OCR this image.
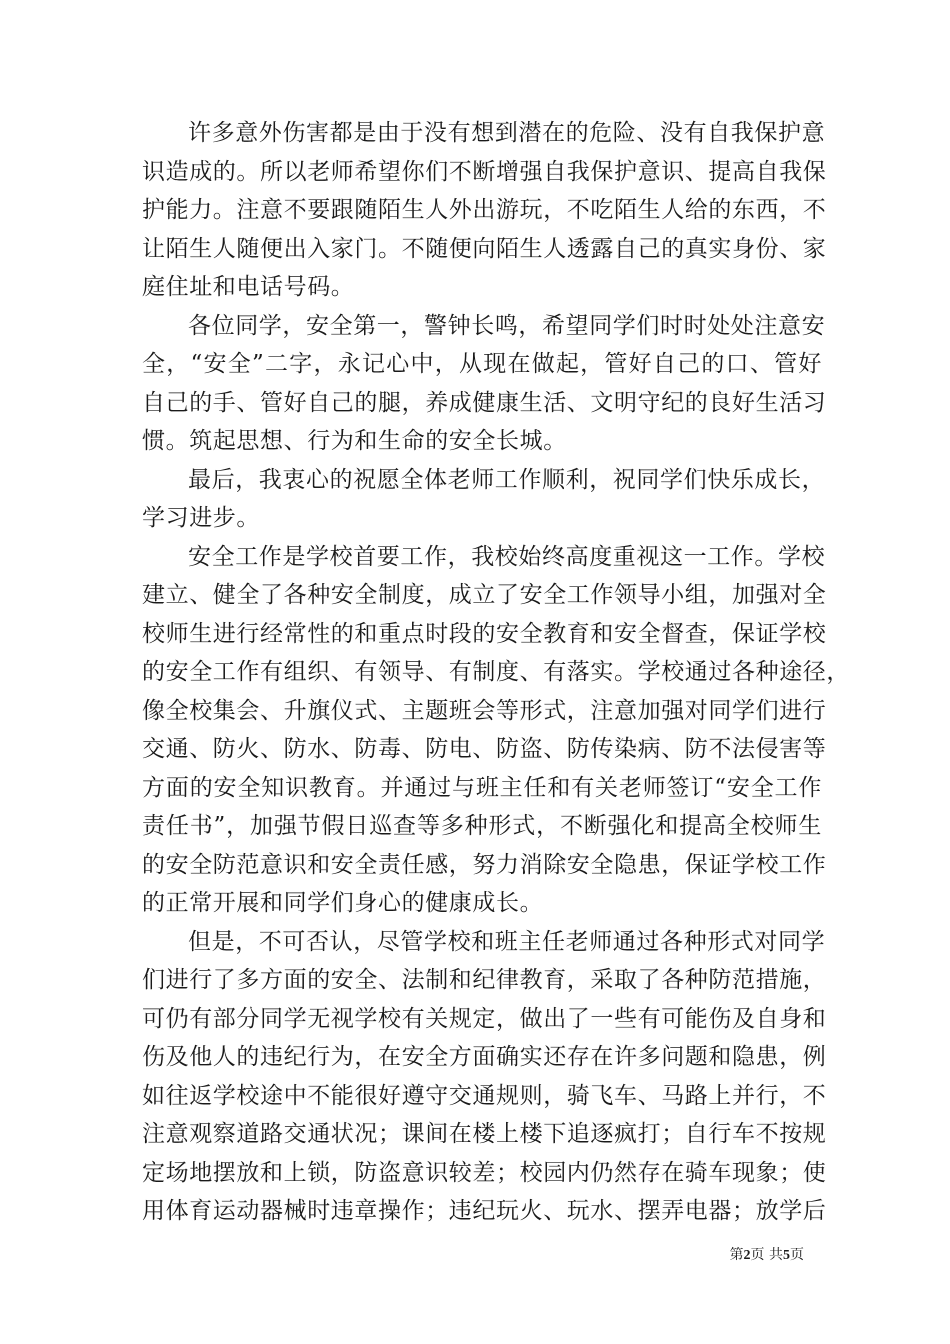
许多意外伤害都是由于没有想到潜在的危险、没有自我保护意
识造成的。所以老师希望你们不断增强自我保护意识、提高自我保
护能力。注意不要跟随陌生人外出游玩，不吃陌生人给的东西，不
让陌生人随便出入家门。不随便向陌生人透露自己的真实身份、家
庭住址和电话号码。
各位同学，安全第一，警钟长鸣，希望同学们时时处处注意安
全，“安全”二字，永记心中，从现在做起，管好自己的口、管好
自己的手、管好自己的腿，养成健康生活、文明守纪的良好生活习
惯。筑起思想、行为和生命的安全长城。
最后，我衷心的祝愿全体老师工作顺利，祝同学们快乐成长，
学习进步。
安全工作是学校首要工作，我校始终高度重视这一工作。学校
建立、健全了各种安全制度，成立了安全工作领导小组，加强对全
校师生进行经常性的和重点时段的安全教育和安全督查，保证学校
的安全工作有组织、有领导、有制度、有落实。学校通过各种途径，
像全校集会、升旗仪式、主题班会等形式，注意加强对同学们进行
交通、防火、防水、防毒、防电、防盗、防传染病、防不法侵害等
方面的安全知识教育。并通过与班主任和有关老师签订“安全工作
责任书”，加强节假日巡查等多种形式，不断强化和提高全校师生
的安全防范意识和安全责任感，努力消除安全隐患，保证学校工作
的正常开展和同学们身心的健康成长。
但是，不可否认，尽管学校和班主任老师通过各种形式对同学
们进行了多方面的安全、法制和纪律教育，采取了各种防范措施，
可仍有部分同学无视学校有关规定，做出了一些有可能伤及自身和
伤及他人的违纪行为，在安全方面确实还存在许多问题和隐患，例
如往返学校途中不能很好遵守交通规则，骑飞车、马路上并行，不
注意观察道路交通状况；课间在楼上楼下追逐疯打；自行车不按规
定场地摆放和上锁，防盗意识较差；校园内仍然存在骑车现象；使
用体育运动器械时违章操作；违纪玩火、玩水、摆弄电器；放学后
第2页 共5页
